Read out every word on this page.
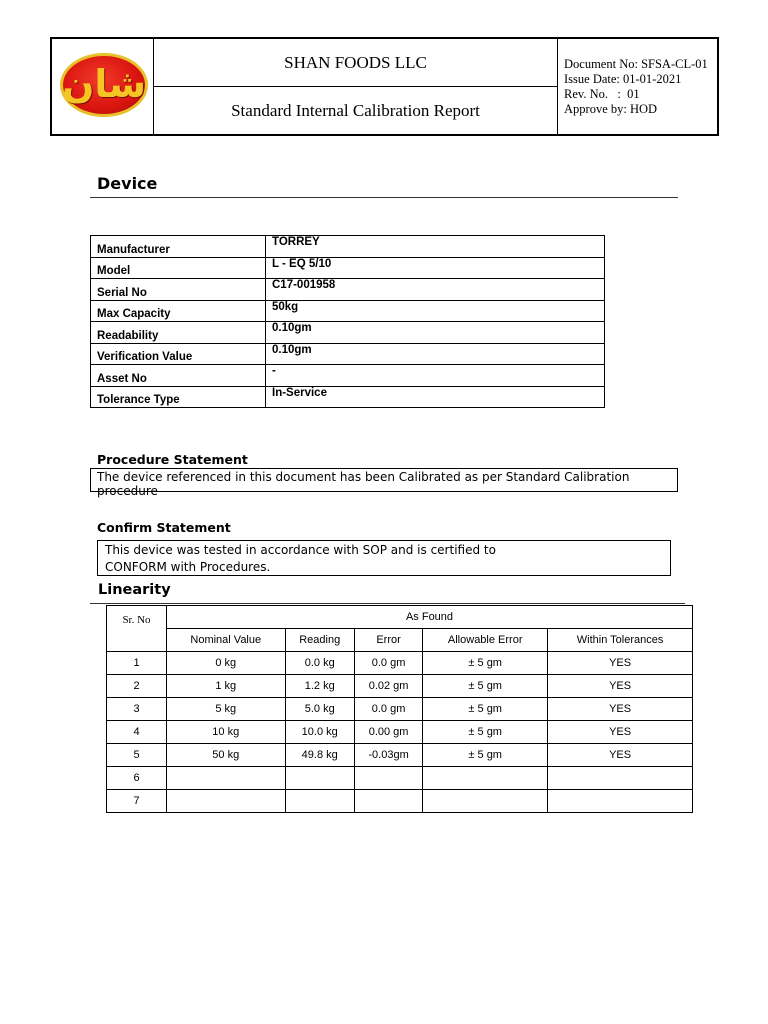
شان	SHAN FOODS LLC
Standard Internal Calibration Report
Document No: SFSA-CL-01
Issue Date: 01-01-2021
Rev. No.   :  01
Approve by: HOD
Device
Manufacturer	TORREY
Model	L - EQ 5/10
Serial No	C17-001958
Max Capacity	50kg
Readability	0.10gm
Verification Value	0.10gm
Asset No	-
Tolerance Type	In-Service
Procedure Statement
The device referenced in this document has been Calibrated as per Standard Calibration procedure
Confirm Statement
This device was tested in accordance with SOP and is certified to
CONFORM with Procedures.
Linearity
Sr. No	As Found				
	Nominal Value	Reading	Error	Allowable Error	Within Tolerances
1	0 kg	0.0 kg	0.0 gm	± 5 gm	YES
2	1 kg	1.2 kg	0.02 gm	± 5 gm	YES
3	5 kg	5.0 kg	0.0 gm	± 5 gm	YES
4	10 kg	10.0 kg	0.00 gm	± 5 gm	YES
5	50 kg	49.8 kg	-0.03gm	± 5 gm	YES
6					
7					
